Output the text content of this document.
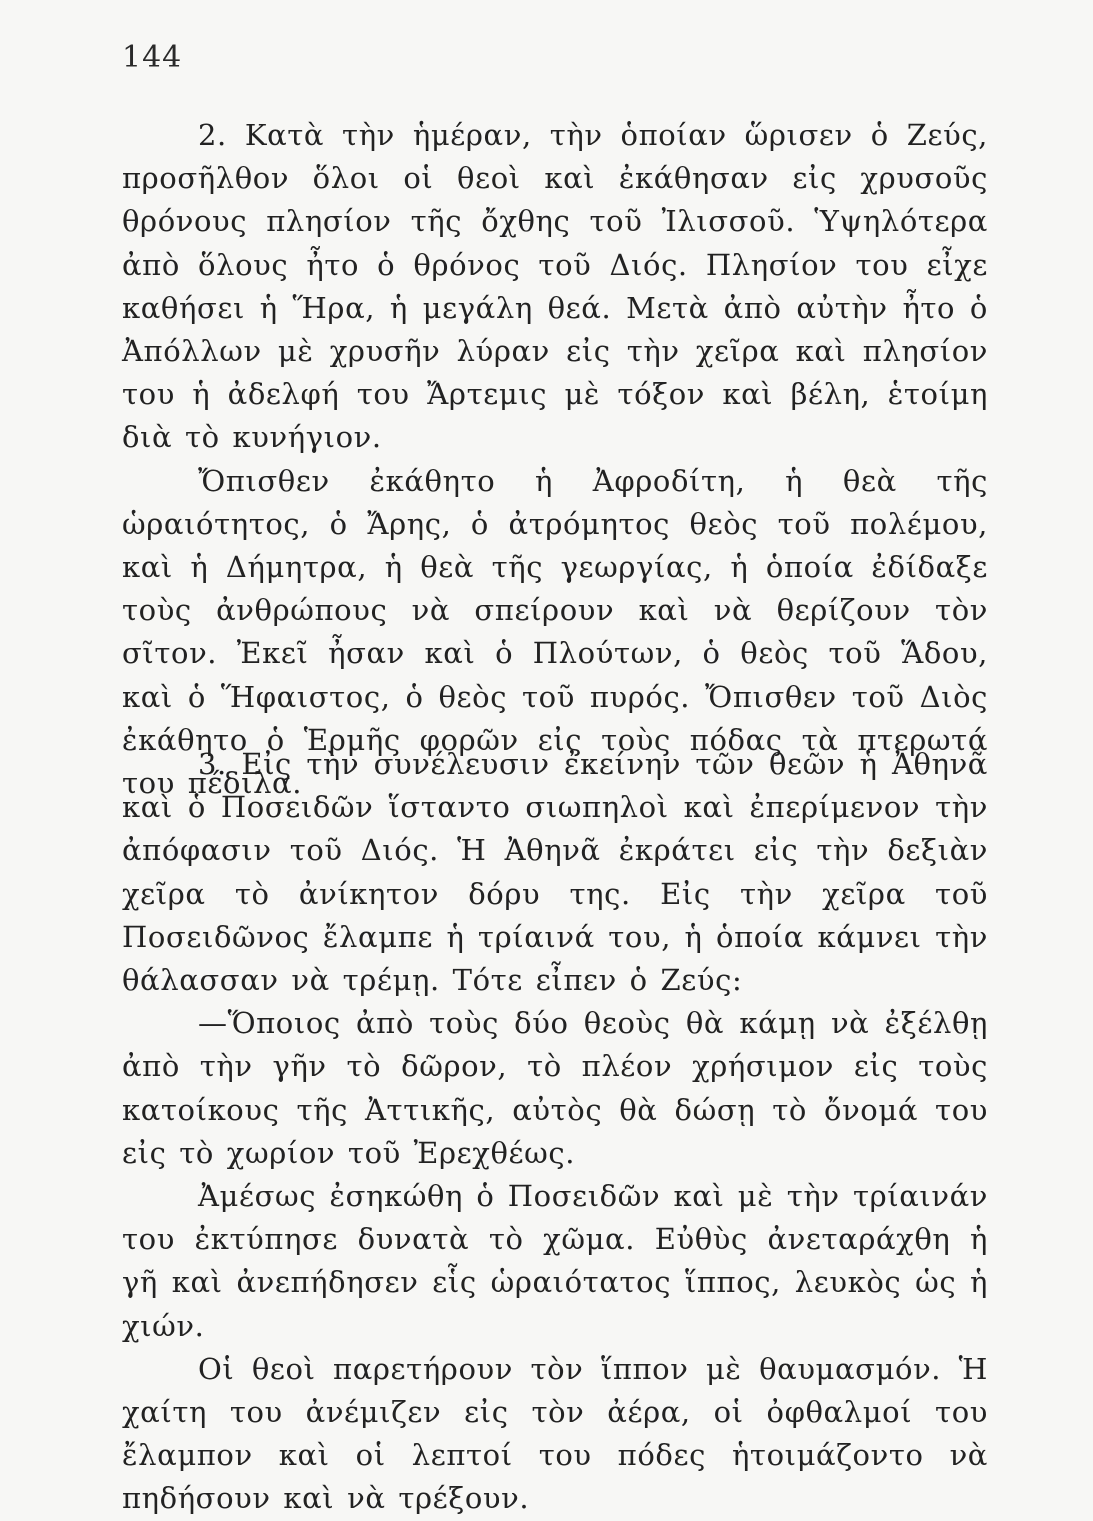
144

2. Κατὰ τὴν ἡμέραν, τὴν ὁποίαν ὥρισεν ὁ Ζεύς, προσῆλθον ὅλοι οἱ θεοὶ καὶ ἐκάθησαν εἰς χρυσοῦς θρόνους πλησίον τῆς ὄχθης τοῦ Ἰλισσοῦ. Ὑψηλότερα ἀπὸ ὅλους ἦτο ὁ θρόνος τοῦ Διός. Πλησίον του εἶχε καθήσει ἡ Ἥρα, ἡ μεγάλη θεά. Μετὰ ἀπὸ αὐτὴν ἦτο ὁ Ἀπόλλων μὲ χρυσῆν λύραν εἰς τὴν χεῖρα καὶ πλησίον του ἡ ἀδελφή του Ἄρτεμις μὲ τόξον καὶ βέλη, ἑτοίμη διὰ τὸ κυνήγιον.

Ὄπισθεν ἐκάθητο ἡ Ἀφροδίτη, ἡ θεὰ τῆς ὡραιότητος, ὁ Ἄρης, ὁ ἀτρόμητος θεὸς τοῦ πολέμου, καὶ ἡ Δήμητρα, ἡ θεὰ τῆς γεωργίας, ἡ ὁποία ἐδίδαξε τοὺς ἀνθρώπους νὰ σπείρουν καὶ νὰ θερίζουν τὸν σῖτον. Ἐκεῖ ἦσαν καὶ ὁ Πλούτων, ὁ θεὸς τοῦ Ἅδου, καὶ ὁ Ἥφαιστος, ὁ θεὸς τοῦ πυρός. Ὄπισθεν τοῦ Διὸς ἐκάθητο ὁ Ἑρμῆς φορῶν εἰς τοὺς πόδας τὰ πτερωτά του πέδιλα.

3. Εἰς τὴν συνέλευσιν ἐκείνην τῶν θεῶν ἡ Ἀθηνᾶ καὶ ὁ Ποσειδῶν ἵσταντο σιωπηλοὶ καὶ ἐπερίμενον τὴν ἀπόφασιν τοῦ Διός. Ἡ Ἀθηνᾶ ἐκράτει εἰς τὴν δεξιὰν χεῖρα τὸ ἀνίκητον δόρυ της. Εἰς τὴν χεῖρα τοῦ Ποσειδῶνος ἔλαμπε ἡ τρίαινά του, ἡ ὁποία κάμνει τὴν θάλασσαν νὰ τρέμῃ. Τότε εἶπεν ὁ Ζεύς:

—Ὅποιος ἀπὸ τοὺς δύο θεοὺς θὰ κάμῃ νὰ ἐξέλθῃ ἀπὸ τὴν γῆν τὸ δῶρον, τὸ πλέον χρήσιμον εἰς τοὺς κατοίκους τῆς Ἀττικῆς, αὐτὸς θὰ δώσῃ τὸ ὄνομά του εἰς τὸ χωρίον τοῦ Ἐρεχθέως.

Ἀμέσως ἐσηκώθη ὁ Ποσειδῶν καὶ μὲ τὴν τρίαινάν του ἐκτύπησε δυνατὰ τὸ χῶμα. Εὐθὺς ἀνεταράχθη ἡ γῆ καὶ ἀνεπήδησεν εἷς ὡραιότατος ἵππος, λευκὸς ὡς ἡ χιών.

Οἱ θεοὶ παρετήρουν τὸν ἵππον μὲ θαυμασμόν. Ἡ χαίτη του ἀνέμιζεν εἰς τὸν ἀέρα, οἱ ὀφθαλμοί του ἔλαμπον καὶ οἱ λεπτοί του πόδες ἡτοιμάζοντο νὰ πηδήσουν καὶ νὰ τρέξουν.
